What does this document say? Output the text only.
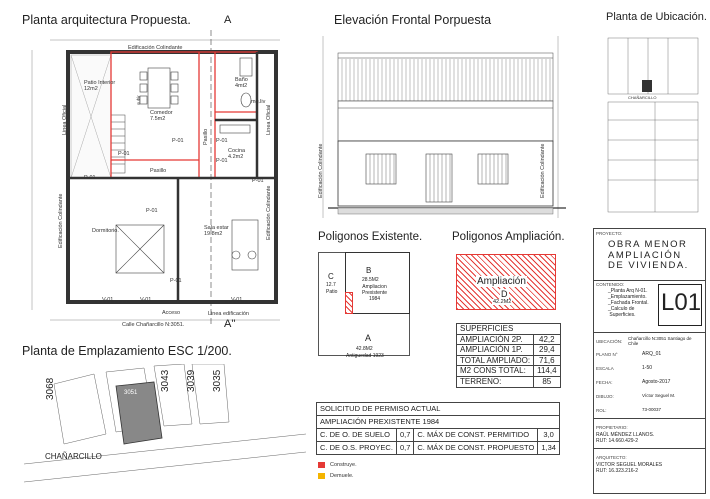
Planta arquitectura Propuesta.	Elevación Frontal Porpuesta	Planta de Ubicación.
Planta de Emplazamiento ESC 1/200.
Poligonos Existente.	Poligonos Ampliación.
A
A''
Edificación Colindante
Edificación Colindante	Edificación Colindante
Linea Oficial	Linea Oficial
Linea edificación
Calle Chañarcillo N:3051.
Acceso
Patio Interior
12m2
Comedor
7.5m2
Baño
4mt2
Cocina
4.2m2
Pasillo
Pasillo
Dormitorio.	Sala estar
19.8m2
mg.liv
P-01
P-01
P-01
P-01
P-01
P-01
P-01
P-01
V-01	V-01
V-01
subir
Edificación Colindante	Edificación Colindante
CHAÑARCILLO
PROYECTO:
OBRA MENOR
AMPLIACIÓN
DE VIVIENDA.
CONTENIDO:
_Planta Arq N-01.
_Emplazamiento.
_Fachada Frontal.
_Calculo de
Superficies.	L01
UBICACIÓN:
Chañarcillo N:3051 Santiago de Chile
PLANO N°	ARQ_01
ESCALA	1-50
FECHA:	Agosto-2017
DIBUJO:	Víctor Seguel M.
ROL:	73-00037
PROPIETARIO:
RAÚL MÉNDEZ LLANOS.
RUT: 14.660.429-2
ARQUITECTO:
VICTOR SEGUEL MORALES
RUT: 16.323.216-2
B
28.5M2
Ampliacion
Prexistente
1984
C
12.7
Patio
A
42.8M2
Antiguedad 1923
Ampliación
D
42.2M2
SUPERFICIES	
AMPLIACIÓN 2P.	42,2
AMPLIACIÓN 1P.	29,4
TOTAL AMPLIADO:	71,6
M2 CONS TOTAL:	114,4
TERRENO:	85
SOLICITUD DE PERMISO ACTUAL			
AMPLIACIÓN PREXISTENTE 1984			
C. DE O. DE SUELO	0,7	C. MÁX DE CONST. PERMITIDO	3,0
C. DE O.S. PROYEC.	0,7	C. MÁX DE CONST. PROPUESTO	1,34
Construye.
Demuele.
3068	3051
3043 3039 3035
CHAÑARCILLO
